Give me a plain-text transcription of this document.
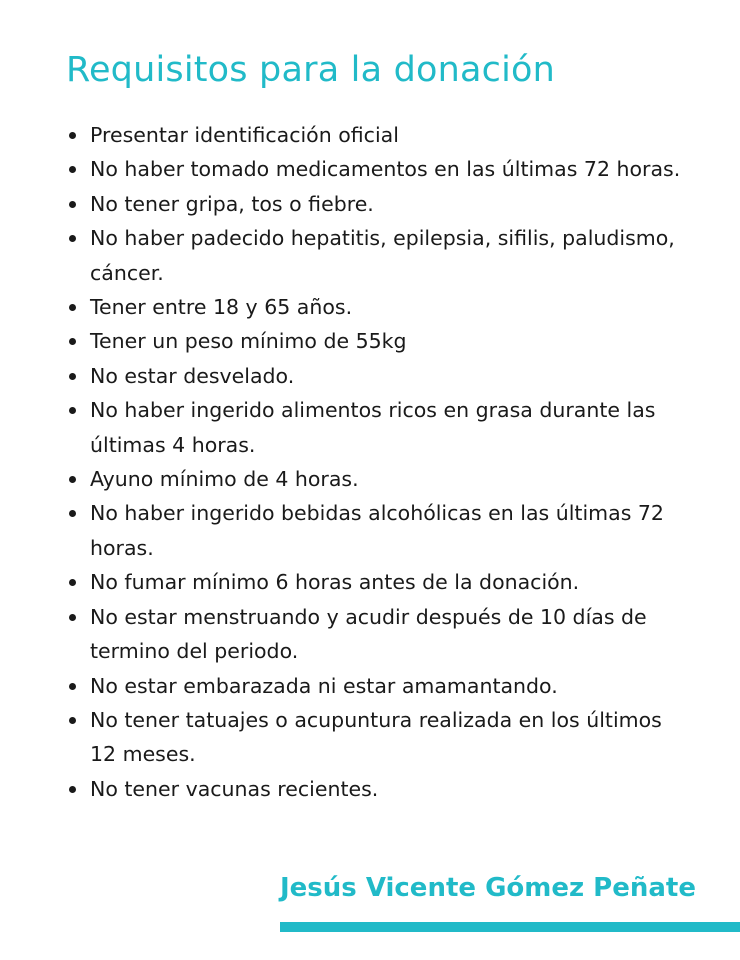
Requisitos para la donación
Presentar identificación oficial
No haber tomado medicamentos en las últimas 72 horas.
No tener gripa, tos o fiebre.
No haber padecido hepatitis, epilepsia, sifilis, paludismo, cáncer.
Tener entre 18 y 65 años.
Tener un peso mínimo de 55kg
No estar desvelado.
No haber ingerido alimentos ricos en grasa durante las últimas 4 horas.
Ayuno mínimo de 4 horas.
No haber ingerido bebidas alcohólicas en las últimas 72 horas.
No fumar mínimo 6 horas antes de la donación.
No estar menstruando y acudir después de 10 días de termino del periodo.
No estar embarazada ni estar amamantando.
No tener tatuajes o acupuntura realizada en los últimos 12 meses.
No tener vacunas recientes.
Jesús Vicente Gómez Peñate
